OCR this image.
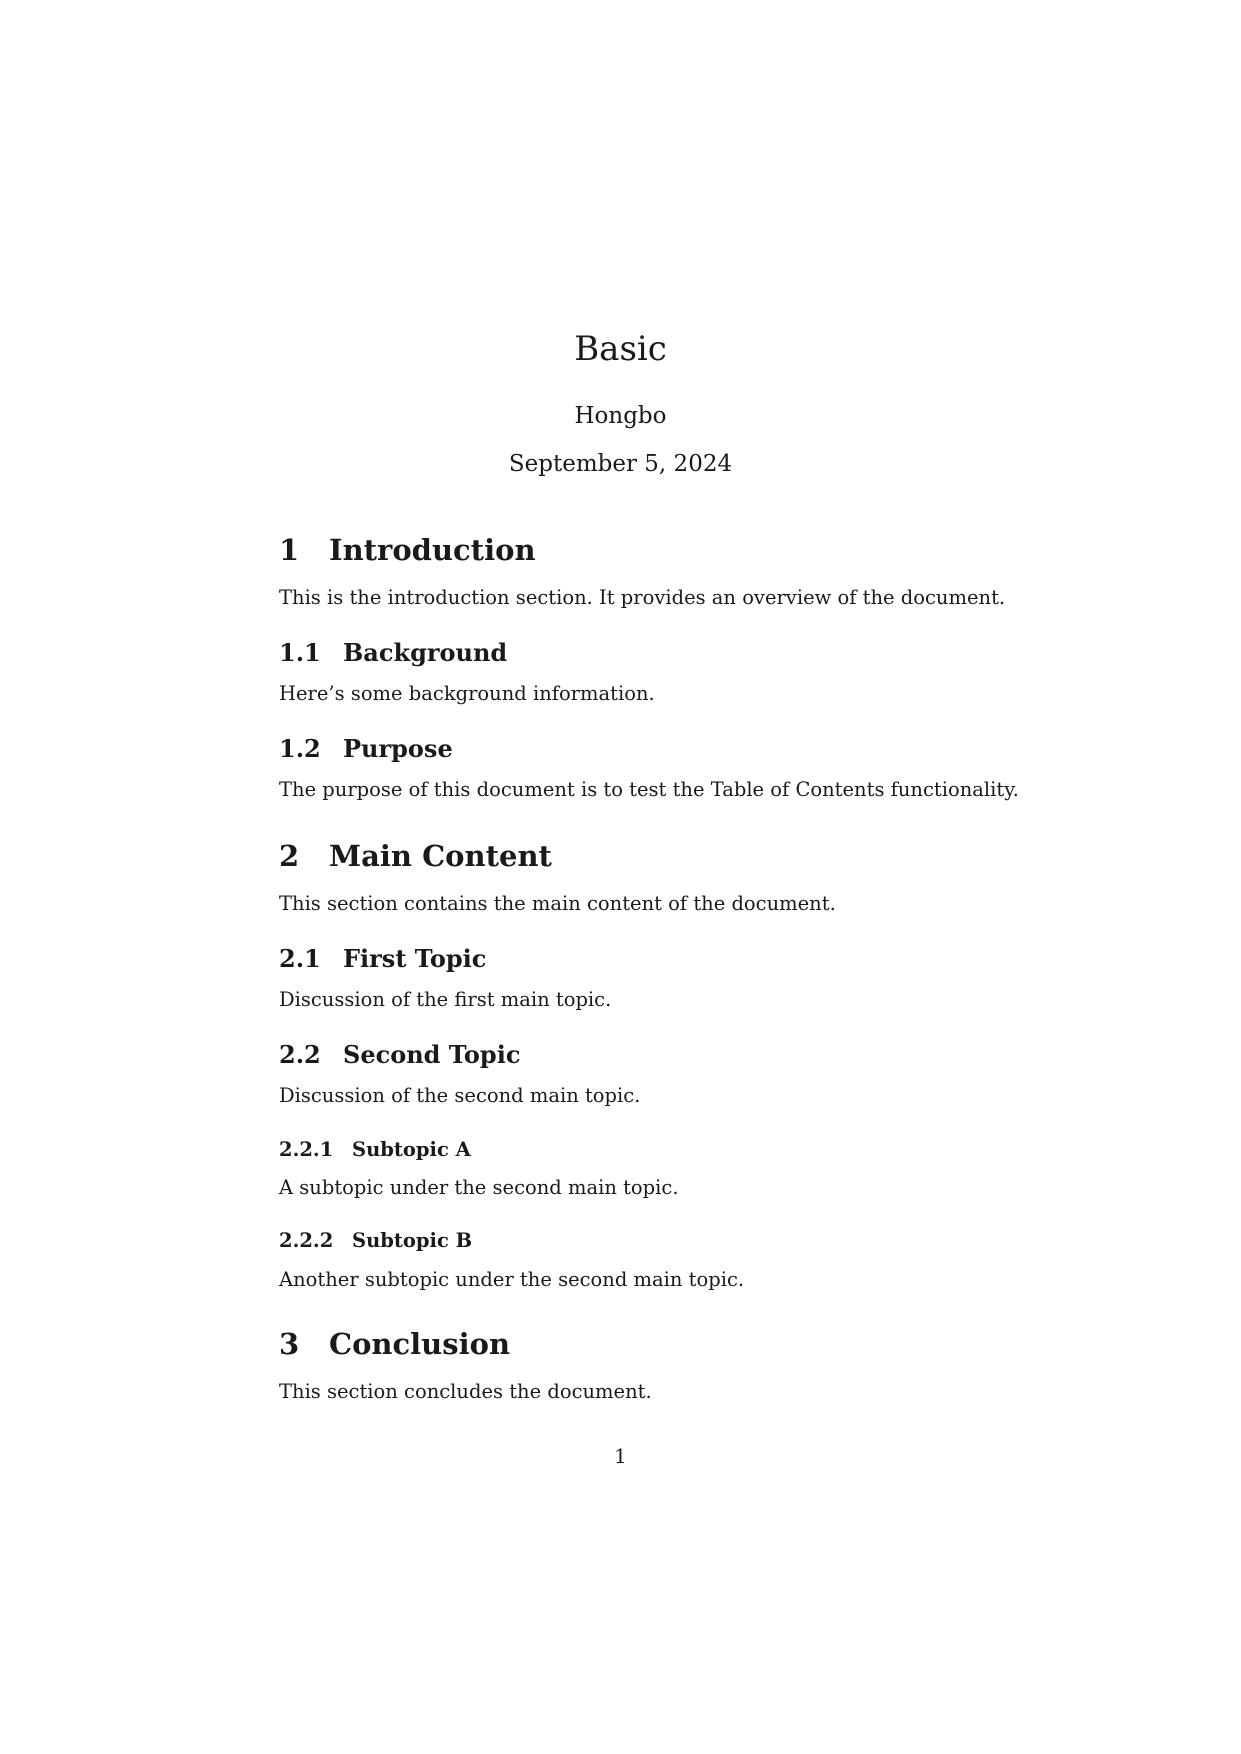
Basic
Hongbo
September 5, 2024
1 Introduction

This is the introduction section. It provides an overview of the document.

1.1 Background

Here’s some background information.

1.2 Purpose

The purpose of this document is to test the Table of Contents functionality.

2 Main Content

This section contains the main content of the document.

2.1 First Topic

Discussion of the first main topic.

2.2 Second Topic

Discussion of the second main topic.

2.2.1 Subtopic A

A subtopic under the second main topic.

2.2.2 Subtopic B

Another subtopic under the second main topic.

3 Conclusion

This section concludes the document.

1
